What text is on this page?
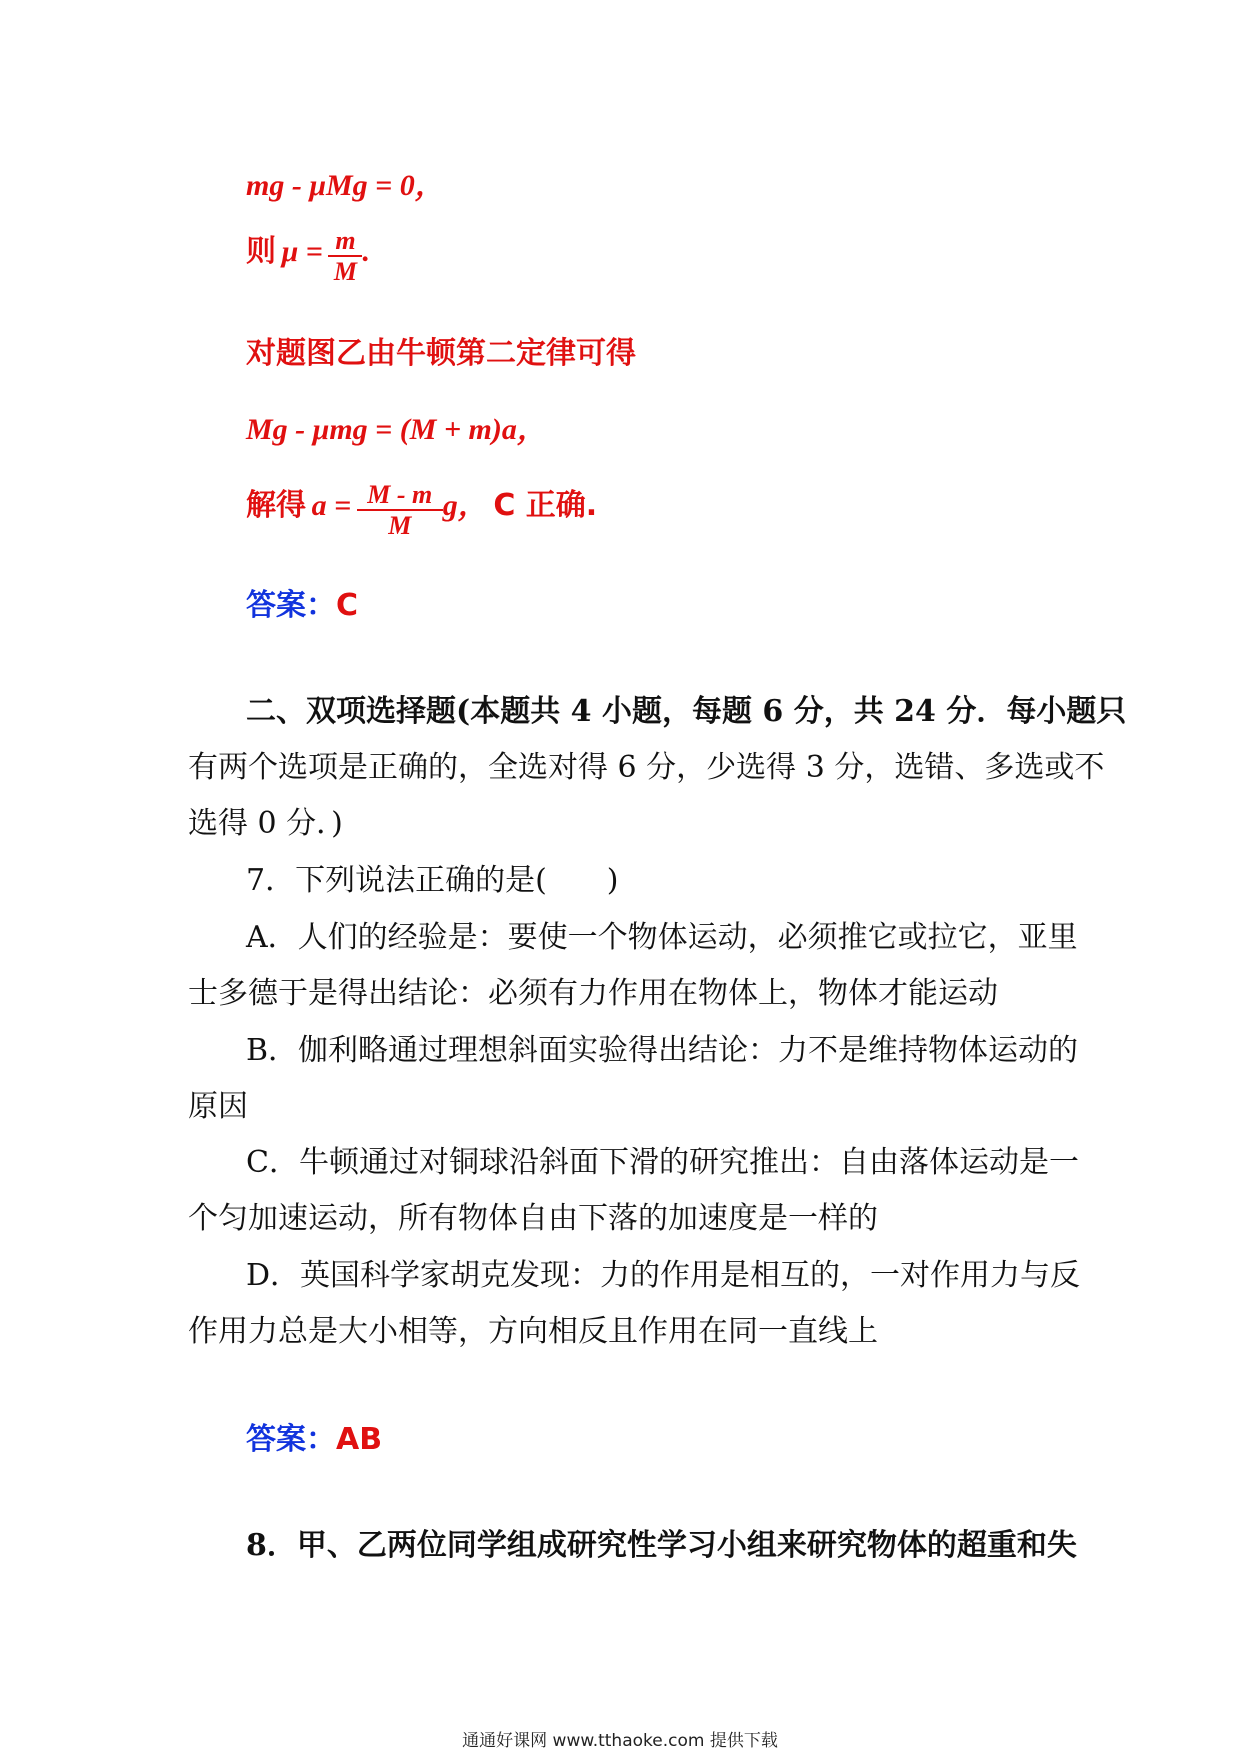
mg - μMg = 0，
则 $\mu = \frac{m}{M}$ .
对题图乙由牛顿第二定律可得
Mg - μmg = (M + m)a，
解得 $a = \frac{M - m}{M}$ g， C 正确.
答案：C
二、双项选择题(本题共 4 小题，每题 6 分，共 24 分．每小题只
有两个选项是正确的，全选对得 6 分，少选得 3 分，选错、多选或不
选得 0 分．)
7．下列说法正确的是(　　)
A．人们的经验是：要使一个物体运动，必须推它或拉它，亚里
士多德于是得出结论：必须有力作用在物体上，物体才能运动
B．伽利略通过理想斜面实验得出结论：力不是维持物体运动的
原因
C．牛顿通过对铜球沿斜面下滑的研究推出：自由落体运动是一
个匀加速运动，所有物体自由下落的加速度是一样的
D．英国科学家胡克发现：力的作用是相互的，一对作用力与反
作用力总是大小相等，方向相反且作用在同一直线上
答案：AB
8．甲、乙两位同学组成研究性学习小组来研究物体的超重和失
通通好课网 www.tthaoke.com 提供下载
